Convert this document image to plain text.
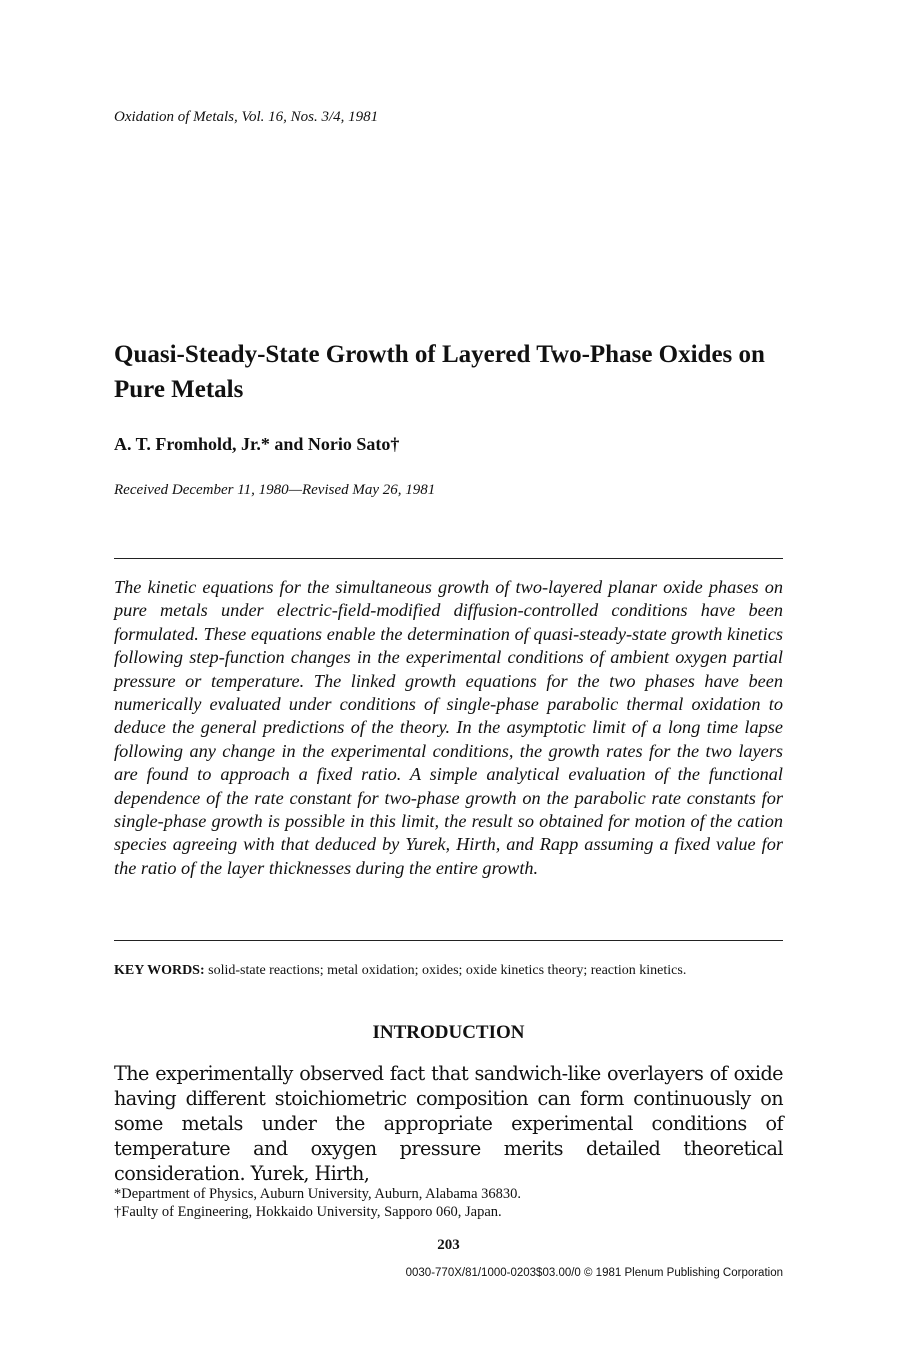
Oxidation of Metals, Vol. 16, Nos. 3/4, 1981
Quasi-Steady-State Growth of Layered Two-Phase Oxides on Pure Metals
A. T. Fromhold, Jr.* and Norio Sato†
Received December 11, 1980—Revised May 26, 1981
The kinetic equations for the simultaneous growth of two-layered planar oxide phases on pure metals under electric-field-modified diffusion-controlled conditions have been formulated. These equations enable the determination of quasi-steady-state growth kinetics following step-function changes in the experimental conditions of ambient oxygen partial pressure or temperature. The linked growth equations for the two phases have been numerically evaluated under conditions of single-phase parabolic thermal oxidation to deduce the general predictions of the theory. In the asymptotic limit of a long time lapse following any change in the experimental conditions, the growth rates for the two layers are found to approach a fixed ratio. A simple analytical evaluation of the functional dependence of the rate constant for two-phase growth on the parabolic rate constants for single-phase growth is possible in this limit, the result so obtained for motion of the cation species agreeing with that deduced by Yurek, Hirth, and Rapp assuming a fixed value for the ratio of the layer thicknesses during the entire growth.
KEY WORDS: solid-state reactions; metal oxidation; oxides; oxide kinetics theory; reaction kinetics.
INTRODUCTION
The experimentally observed fact that sandwich-like overlayers of oxide having different stoichiometric composition can form continuously on some metals under the appropriate experimental conditions of temperature and oxygen pressure merits detailed theoretical consideration. Yurek, Hirth,
*Department of Physics, Auburn University, Auburn, Alabama 36830.
†Faulty of Engineering, Hokkaido University, Sapporo 060, Japan.
203
0030-770X/81/1000-0203$03.00/0 © 1981 Plenum Publishing Corporation
